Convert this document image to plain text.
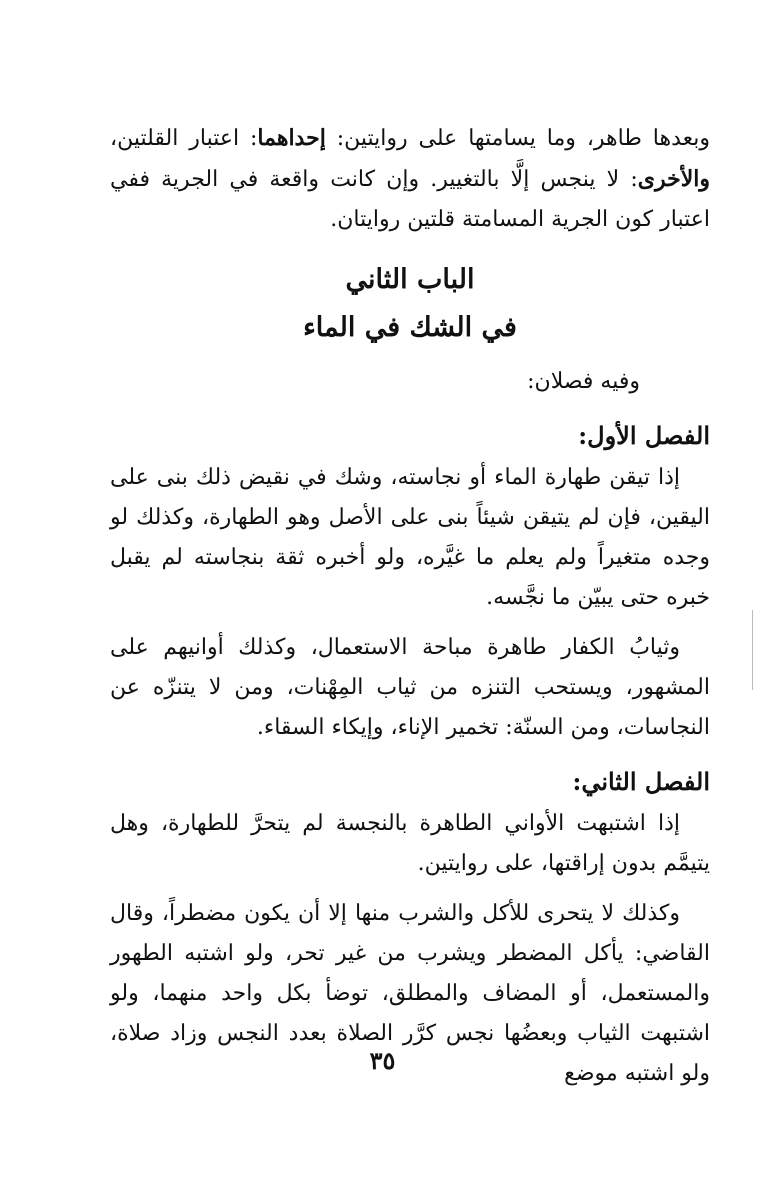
وبعدها طاهر، وما يسامتها على روايتين: إحداهما: اعتبار القلتين، والأخرى: لا ينجس إلَّا بالتغيير. وإن كانت واقعة في الجرية ففي اعتبار كون الجرية المسامتة قلتين روايتان.

الباب الثاني
في الشك في الماء

وفيه فصلان:

الفصل الأول:

إذا تيقن طهارة الماء أو نجاسته، وشك في نقيض ذلك بنى على اليقين، فإن لم يتيقن شيئاً بنى على الأصل وهو الطهارة، وكذلك لو وجده متغيراً ولم يعلم ما غيَّره، ولو أخبره ثقة بنجاسته لم يقبل خبره حتى يبيّن ما نجَّسه.

وثيابُ الكفار طاهرة مباحة الاستعمال، وكذلك أوانيهم على المشهور، ويستحب التنزه من ثياب المِهْنات، ومن لا يتنزّه عن النجاسات، ومن السنّة: تخمير الإناء، وإيكاء السقاء.

الفصل الثاني:

إذا اشتبهت الأواني الطاهرة بالنجسة لم يتحرَّ للطهارة، وهل يتيمَّم بدون إراقتها، على روايتين.

وكذلك لا يتحرى للأكل والشرب منها إلا أن يكون مضطراً، وقال القاضي: يأكل المضطر ويشرب من غير تحر، ولو اشتبه الطهور والمستعمل، أو المضاف والمطلق، توضأ بكل واحد منهما، ولو اشتبهت الثياب وبعضُها نجس كرَّر الصلاة بعدد النجس وزاد صلاة، ولو اشتبه موضع

٣٥
